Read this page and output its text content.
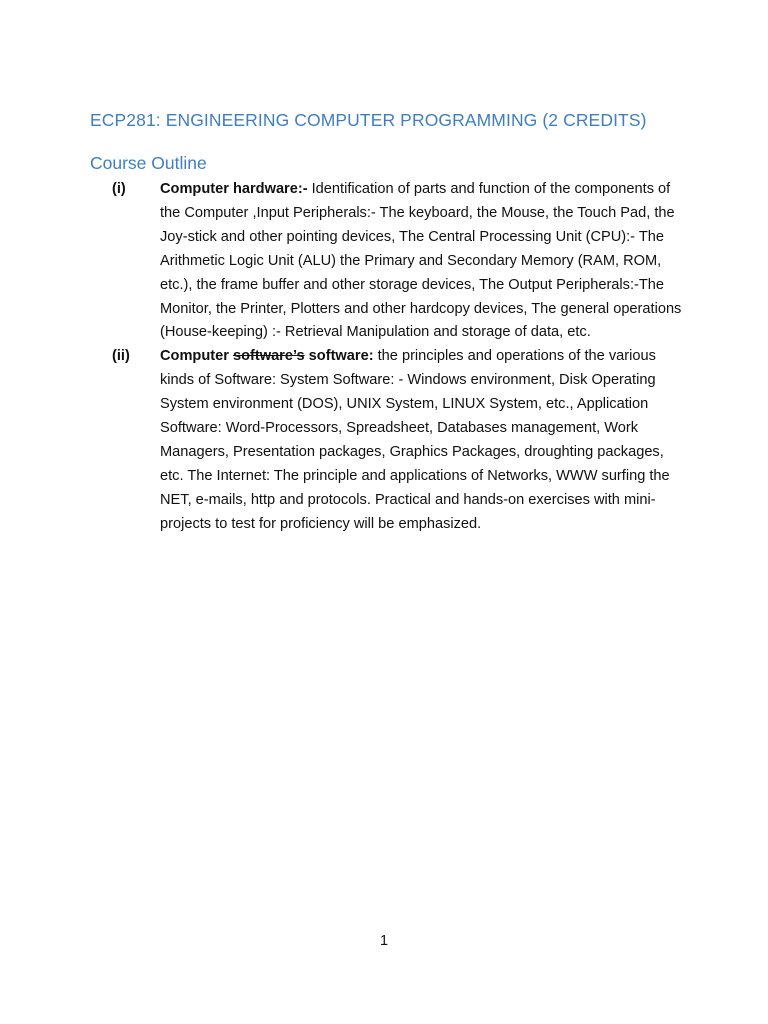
ECP281: ENGINEERING COMPUTER PROGRAMMING (2 CREDITS)
Course Outline
(i)	Computer hardware:- Identification of parts and function of the components of the Computer ,Input Peripherals:- The keyboard, the Mouse, the Touch Pad, the Joy-stick and other pointing devices, The Central Processing Unit (CPU):- The Arithmetic Logic Unit (ALU) the Primary and Secondary Memory (RAM, ROM, etc.), the frame buffer and other storage devices, The Output Peripherals:-The Monitor, the Printer, Plotters and other hardcopy devices, The general operations (House-keeping) :- Retrieval Manipulation and storage of data, etc.
(ii)	Computer software’s software: the principles and operations of the various kinds of Software: System Software: - Windows environment, Disk Operating System environment (DOS), UNIX System, LINUX System, etc., Application Software: Word-Processors, Spreadsheet, Databases management, Work Managers, Presentation packages, Graphics Packages, droughting packages, etc. The Internet: The principle and applications of Networks, WWW surfing the NET, e-mails, http and protocols. Practical and hands-on exercises with mini-projects to test for proficiency will be emphasized.
1
